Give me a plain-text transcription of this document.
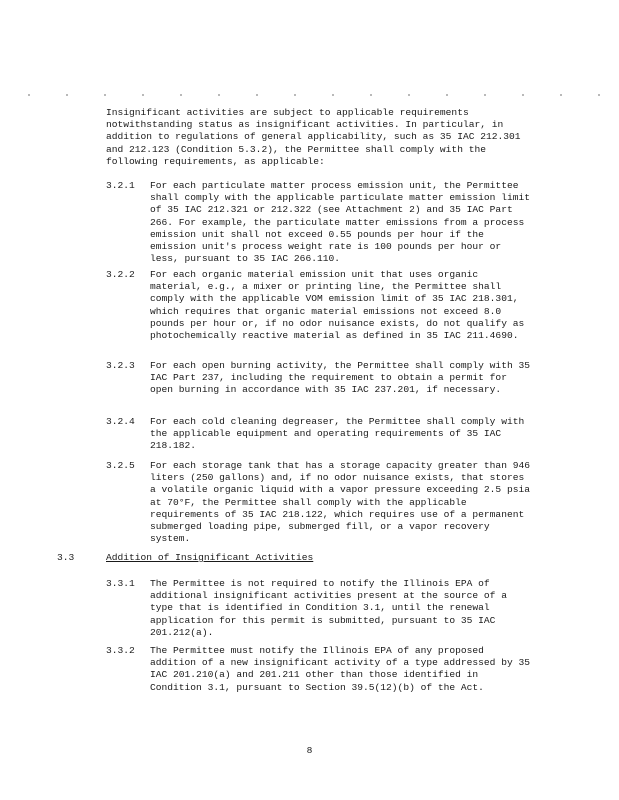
Insignificant activities are subject to applicable requirements notwithstanding status as insignificant activities. In particular, in addition to regulations of general applicability, such as 35 IAC 212.301 and 212.123 (Condition 5.3.2), the Permittee shall comply with the following requirements, as applicable:
3.2.1 For each particulate matter process emission unit, the Permittee shall comply with the applicable particulate matter emission limit of 35 IAC 212.321 or 212.322 (see Attachment 2) and 35 IAC Part 266. For example, the particulate matter emissions from a process emission unit shall not exceed 0.55 pounds per hour if the emission unit's process weight rate is 100 pounds per hour or less, pursuant to 35 IAC 266.110.
3.2.2 For each organic material emission unit that uses organic material, e.g., a mixer or printing line, the Permittee shall comply with the applicable VOM emission limit of 35 IAC 218.301, which requires that organic material emissions not exceed 8.0 pounds per hour or, if no odor nuisance exists, do not qualify as photochemically reactive material as defined in 35 IAC 211.4690.
3.2.3 For each open burning activity, the Permittee shall comply with 35 IAC Part 237, including the requirement to obtain a permit for open burning in accordance with 35 IAC 237.201, if necessary.
3.2.4 For each cold cleaning degreaser, the Permittee shall comply with the applicable equipment and operating requirements of 35 IAC 218.182.
3.2.5 For each storage tank that has a storage capacity greater than 946 liters (250 gallons) and, if no odor nuisance exists, that stores a volatile organic liquid with a vapor pressure exceeding 2.5 psia at 70°F, the Permittee shall comply with the applicable requirements of 35 IAC 218.122, which requires use of a permanent submerged loading pipe, submerged fill, or a vapor recovery system.
3.3	Addition of Insignificant Activities
3.3.1 The Permittee is not required to notify the Illinois EPA of additional insignificant activities present at the source of a type that is identified in Condition 3.1, until the renewal application for this permit is submitted, pursuant to 35 IAC 201.212(a).
3.3.2 The Permittee must notify the Illinois EPA of any proposed addition of a new insignificant activity of a type addressed by 35 IAC 201.210(a) and 201.211 other than those identified in Condition 3.1, pursuant to Section 39.5(12)(b) of the Act.
8
